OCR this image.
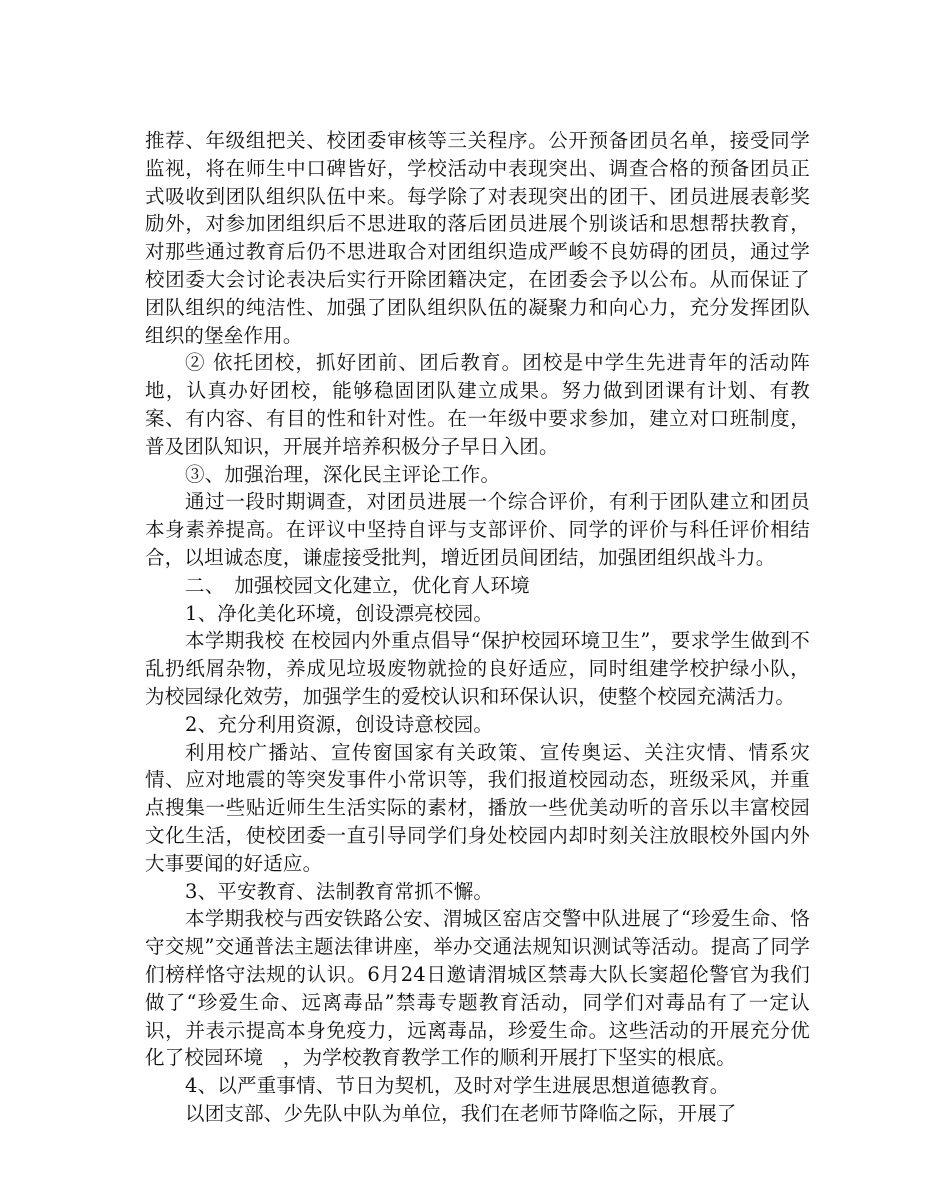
推荐、年级组把关、校团委审核等三关程序。公开预备团员名单，接受同学监视，将在师生中口碑皆好，学校活动中表现突出、调查合格的预备团员正式吸收到团队组织队伍中来。每学除了对表现突出的团干、团员进展表彰奖励外，对参加团组织后不思进取的落后团员进展个别谈话和思想帮扶教育，对那些通过教育后仍不思进取合对团组织造成严峻不良妨碍的团员，通过学校团委大会讨论表决后实行开除团籍决定，在团委会予以公布。从而保证了团队组织的纯洁性、加强了团队组织队伍的凝聚力和向心力，充分发挥团队组织的堡垒作用。

② 依托团校，抓好团前、团后教育。团校是中学生先进青年的活动阵地，认真办好团校，能够稳固团队建立成果。努力做到团课有计划、有教案、有内容、有目的性和针对性。在一年级中要求参加，建立对口班制度，普及团队知识，开展并培养积极分子早日入团。

③、加强治理，深化民主评论工作。

通过一段时期调查，对团员进展一个综合评价，有利于团队建立和团员本身素养提高。在评议中坚持自评与支部评价、同学的评价与科任评价相结合，以坦诚态度，谦虚接受批判，增近团员间团结，加强团组织战斗力。

二、　加强校园文化建立，优化育人环境

1、净化美化环境，创设漂亮校园。

本学期我校 在校园内外重点倡导“保护校园环境卫生”，要求学生做到不乱扔纸屑杂物，养成见垃圾废物就捡的良好适应，同时组建学校护绿小队，为校园绿化效劳，加强学生的爱校认识和环保认识，使整个校园充满活力。

2、充分利用资源，创设诗意校园。

利用校广播站、宣传窗国家有关政策、宣传奥运、关注灾情、情系灾情、应对地震的等突发事件小常识等，我们报道校园动态，班级采风，并重点搜集一些贴近师生生活实际的素材，播放一些优美动听的音乐以丰富校园文化生活，使校团委一直引导同学们身处校园内却时刻关注放眼校外国内外大事要闻的好适应。

3、平安教育、法制教育常抓不懈。

本学期我校与西安铁路公安、渭城区窑店交警中队进展了“珍爱生命、恪守交规”交通普法主题法律讲座，举办交通法规知识测试等活动。提高了同学们榜样恪守法规的认识。6月24日邀请渭城区禁毒大队长窦超伦警官为我们做了“珍爱生命、远离毒品”禁毒专题教育活动，同学们对毒品有了一定认识，并表示提高本身免疫力，远离毒品，珍爱生命。这些活动的开展充分优化了校园环境　，为学校教育教学工作的顺利开展打下坚实的根底。

4、以严重事情、节日为契机，及时对学生进展思想道德教育。

以团支部、少先队中队为单位，我们在老师节降临之际，开展了
